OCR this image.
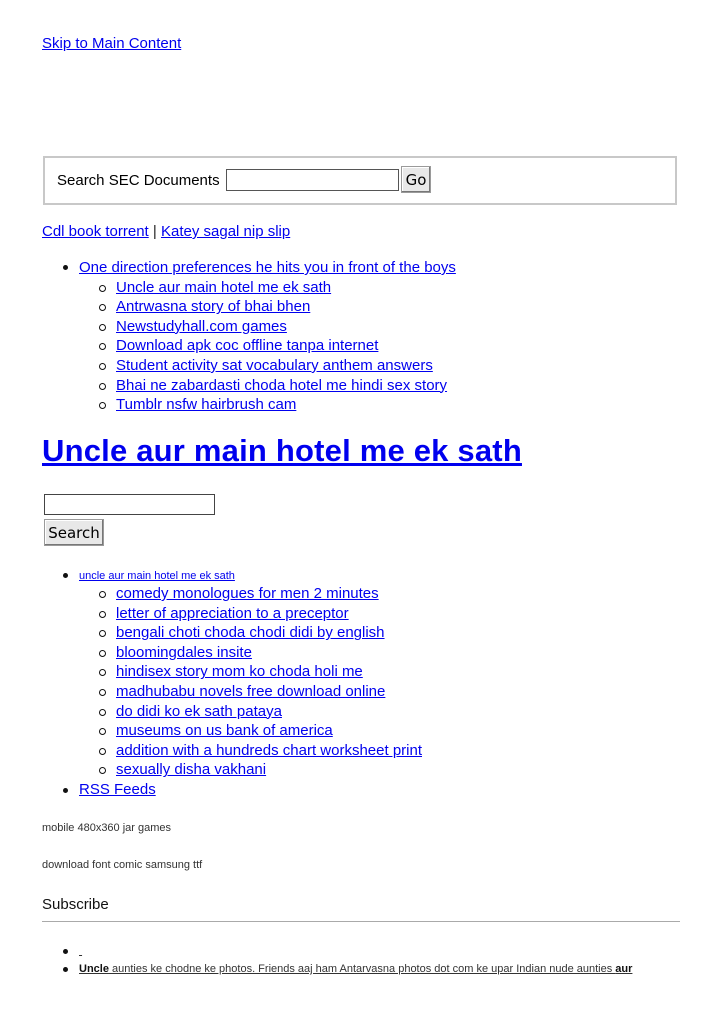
Skip to Main Content
Search SEC Documents	Go
Cdl book torrent | Katey sagal nip slip
One direction preferences he hits you in front of the boys
Uncle aur main hotel me ek sath
Antrwasna story of bhai bhen
Newstudyhall.com games
Download apk coc offline tanpa internet
Student activity sat vocabulary anthem answers
Bhai ne zabardasti choda hotel me hindi sex story
Tumblr nsfw hairbrush cam
Uncle aur main hotel me ek sath
Search
uncle aur main hotel me ek sath
comedy monologues for men 2 minutes
letter of appreciation to a preceptor
bengali choti choda chodi didi by english
bloomingdales insite
hindisex story mom ko choda holi me
madhubabu novels free download online
do didi ko ek sath pataya
museums on us bank of america
addition with a hundreds chart worksheet print
sexually disha vakhani
RSS Feeds
mobile 480x360 jar games
download font comic samsung ttf
Subscribe

Uncle aunties ke chodne ke photos. Friends aaj ham Antarvasna photos dot com ke upar Indian nude aunties aur
